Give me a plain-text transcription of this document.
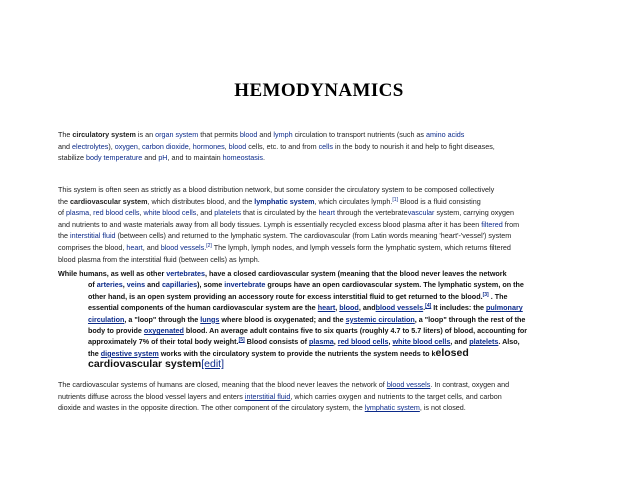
HEMODYNAMICS
The circulatory system is an organ system that permits blood and lymph circulation to transport nutrients (such as amino acids
and electrolytes), oxygen, carbon dioxide, hormones, blood cells, etc. to and from cells in the body to nourish it and help to fight diseases,
stabilize body temperature and pH, and to maintain homeostasis.
This system is often seen as strictly as a blood distribution network, but some consider the circulatory system to be composed collectively
the cardiovascular system, which distributes blood, and the lymphatic system, which circulates lymph.[1] Blood is a fluid consisting
of plasma, red blood cells, white blood cells, and platelets that is circulated by the heart through the vertebratevascular system, carrying oxygen
and nutrients to and waste materials away from all body tissues. Lymph is essentially recycled excess blood plasma after it has been filtered from
the interstitial fluid (between cells) and returned to the lymphatic system. The cardiovascular (from Latin words meaning 'heart'-'vessel') system
comprises the blood, heart, and blood vessels.[2] The lymph, lymph nodes, and lymph vessels form the lymphatic system, which returns filtered
blood plasma from the interstitial fluid (between cells) as lymph.
While humans, as well as other vertebrates, have a closed cardiovascular system (meaning that the blood never leaves the network
of arteries, veins and capillaries), some invertebrate groups have an open cardiovascular system. The lymphatic system, on the
other hand, is an open system providing an accessory route for excess interstitial fluid to get returned to the blood.[3] . The
essential components of the human cardiovascular system are the heart, blood, andblood vessels.[4] It includes: the pulmonary
circulation, a "loop" through the lungs where blood is oxygenated; and the systemic circulation, a "loop" through the rest of the
body to provide oxygenated blood. An average adult contains five to six quarts (roughly 4.7 to 5.7 liters) of blood, accounting for
approximately 7% of their total body weight.[5] Blood consists of plasma, red blood cells, white blood cells, and platelets. Also,
the digestive system works with the circulatory system to provide the nutrients the system needs to kelosed
cardiovascular system[edit]
The cardiovascular systems of humans are closed, meaning that the blood never leaves the network of blood vessels. In contrast, oxygen and
nutrients diffuse across the blood vessel layers and enters interstitial fluid, which carries oxygen and nutrients to the target cells, and carbon
dioxide and wastes in the opposite direction. The other component of the circulatory system, the lymphatic system, is not closed.
